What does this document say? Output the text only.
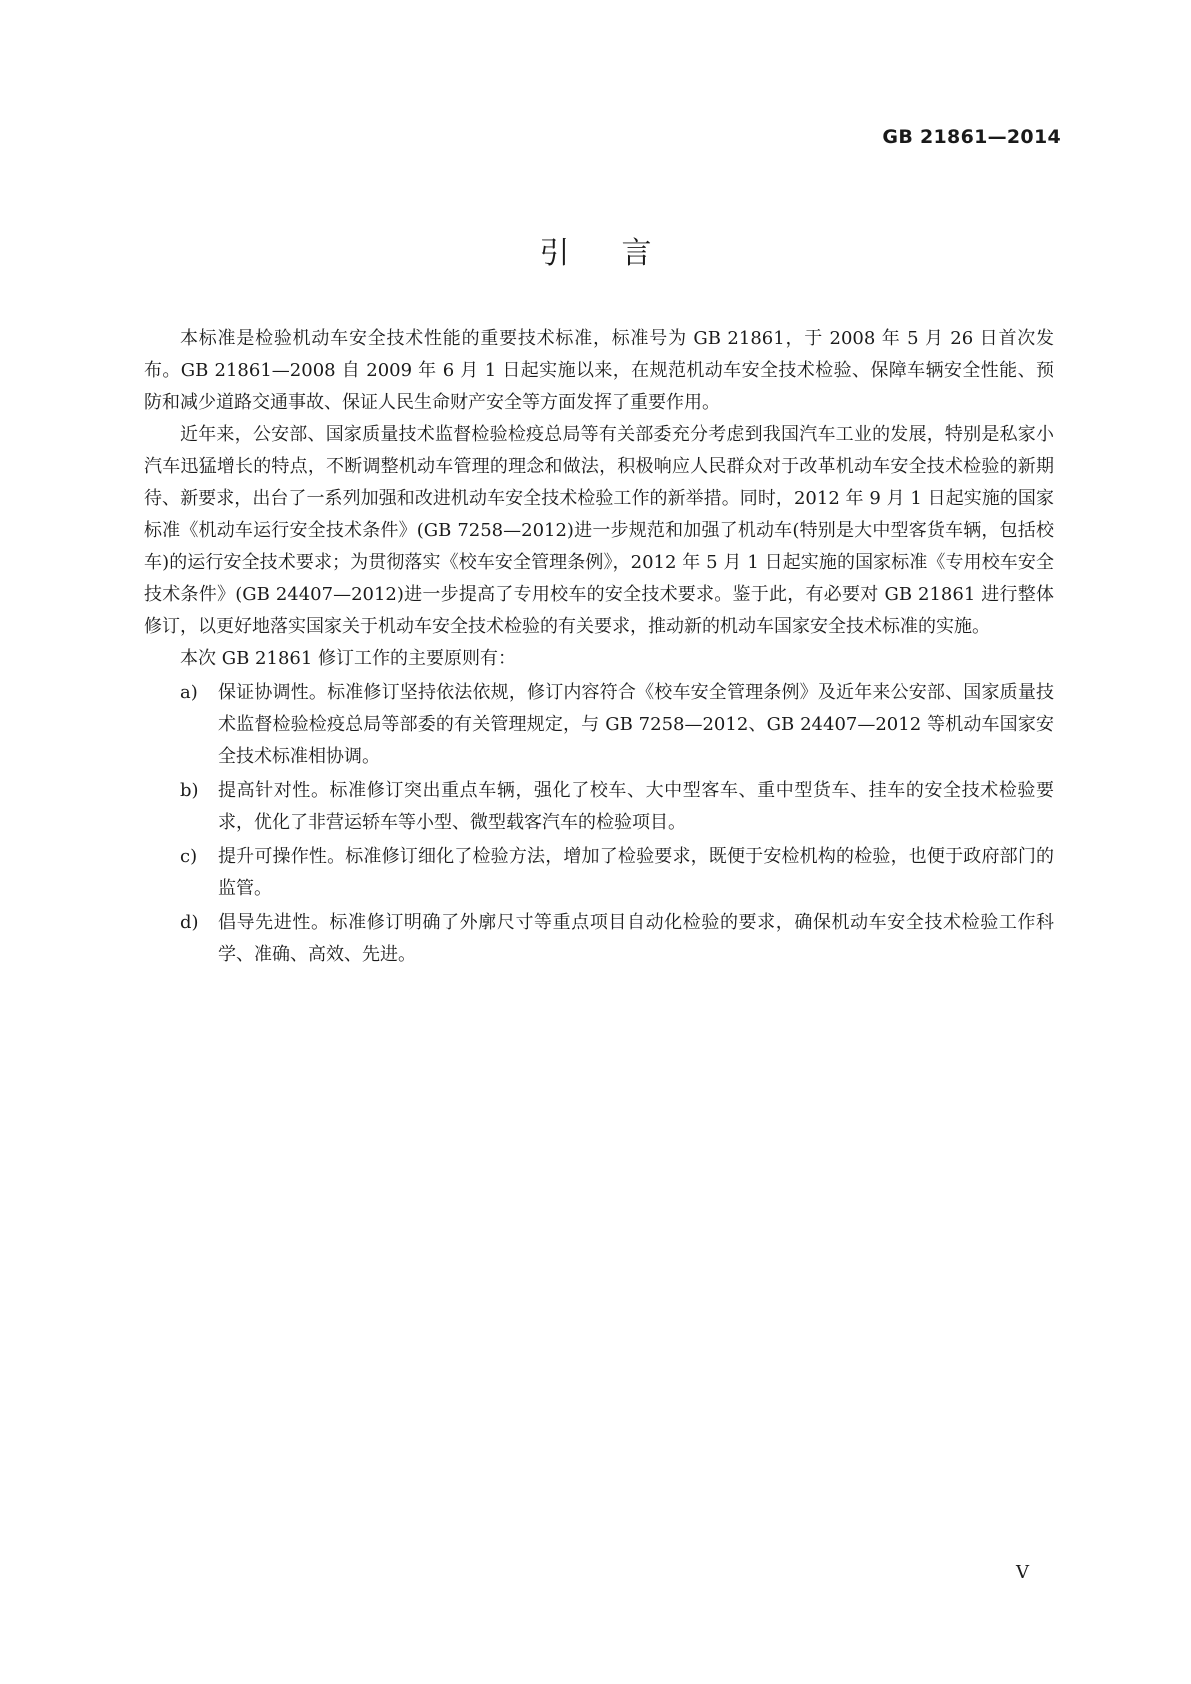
GB 21861—2014
引言

本标准是检验机动车安全技术性能的重要技术标准，标准号为 GB 21861，于 2008 年 5 月 26 日首次发布。GB 21861—2008 自 2009 年 6 月 1 日起实施以来，在规范机动车安全技术检验、保障车辆安全性能、预防和减少道路交通事故、保证人民生命财产安全等方面发挥了重要作用。

近年来，公安部、国家质量技术监督检验检疫总局等有关部委充分考虑到我国汽车工业的发展，特别是私家小汽车迅猛增长的特点，不断调整机动车管理的理念和做法，积极响应人民群众对于改革机动车安全技术检验的新期待、新要求，出台了一系列加强和改进机动车安全技术检验工作的新举措。同时，2012 年 9 月 1 日起实施的国家标准《机动车运行安全技术条件》(GB 7258—2012)进一步规范和加强了机动车(特别是大中型客货车辆，包括校车)的运行安全技术要求；为贯彻落实《校车安全管理条例》，2012 年 5 月 1 日起实施的国家标准《专用校车安全技术条件》(GB 24407—2012)进一步提高了专用校车的安全技术要求。鉴于此，有必要对 GB 21861 进行整体修订，以更好地落实国家关于机动车安全技术检验的有关要求，推动新的机动车国家安全技术标准的实施。

本次 GB 21861 修订工作的主要原则有：

a) 保证协调性。标准修订坚持依法依规，修订内容符合《校车安全管理条例》及近年来公安部、国家质量技术监督检验检疫总局等部委的有关管理规定，与 GB 7258—2012、GB 24407—2012 等机动车国家安全技术标准相协调。
b) 提高针对性。标准修订突出重点车辆，强化了校车、大中型客车、重中型货车、挂车的安全技术检验要求，优化了非营运轿车等小型、微型载客汽车的检验项目。
c) 提升可操作性。标准修订细化了检验方法，增加了检验要求，既便于安检机构的检验，也便于政府部门的监管。
d) 倡导先进性。标准修订明确了外廓尺寸等重点项目自动化检验的要求，确保机动车安全技术检验工作科学、准确、高效、先进。
V
